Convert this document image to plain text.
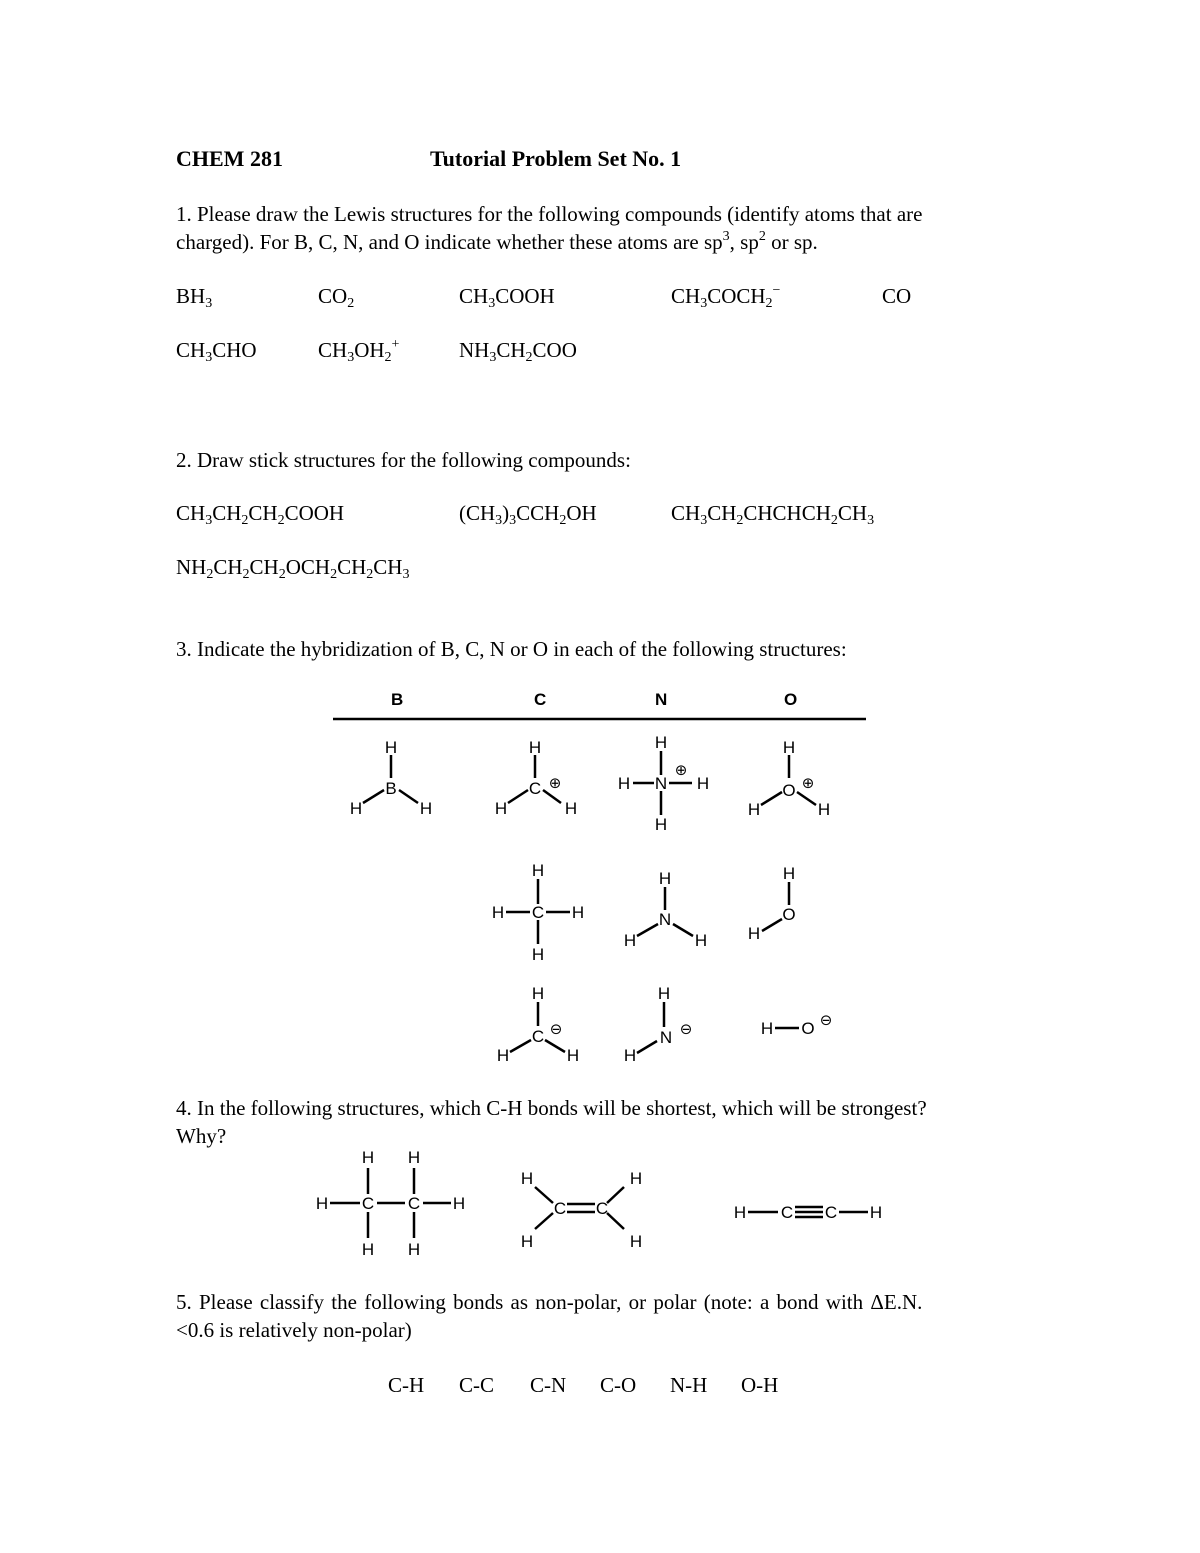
CHEM 281	Tutorial Problem Set No. 1
1. Please draw the Lewis structures for the following compounds (identify atoms that are
charged). For B, C, N, and O indicate whether these atoms are $sp^3$, $sp^2$ or sp.
$BH_3$	$CO_2$	$CH_3COOH$	$CH_3COCH_2^-$	CO
$CH_3CHO$	$CH_3OH_2^+$	$NH_3CH_2COO$
2. Draw stick structures for the following compounds:
$CH_3CH_2CH_2COOH$	$(CH_3)_3CCH_2OH$	$CH_3CH_2CHCHCH_2CH_3$
$NH_2CH_2CH_2OCH_2CH_2CH_3$
3. Indicate the hybridization of B, C, N or O in each of the following structures:
B	C	N	O
H
B
H	H
H
C ⊕
H	H
H
N
⊕
H	H
H
H
O ⊕
H	H
H
C
H	H
H
H
N
H	H
H
O
H
H
C ⊖
H	H
H
N ⊖
H
H O ⊖
H H
H C C H
H H
H	H
C C
H	H
H C C H
4. In the following structures, which C-H bonds will be shortest, which will be strongest?
Why?
5. Please classify the following bonds as non-polar, or polar (note: a bond with ΔE.N.
<0.6 is relatively non-polar)
C-H C-C C-N C-O N-H O-H
